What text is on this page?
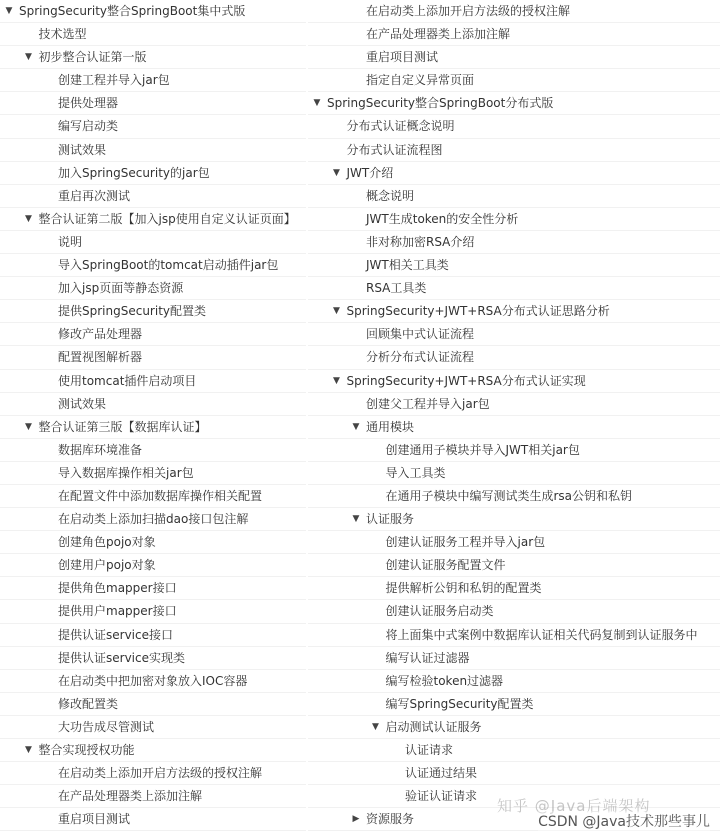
▼ SpringSecurity整合SpringBoot集中式版
技术选型
▼ 初步整合认证第一版
创建工程并导入jar包
提供处理器
编写启动类
测试效果
加入SpringSecurity的jar包
重启再次测试
▼ 整合认证第二版【加入jsp使用自定义认证页面】
说明
导入SpringBoot的tomcat启动插件jar包
加入jsp页面等静态资源
提供SpringSecurity配置类
修改产品处理器
配置视图解析器
使用tomcat插件启动项目
测试效果
▼ 整合认证第三版【数据库认证】
数据库环境准备
导入数据库操作相关jar包
在配置文件中添加数据库操作相关配置
在启动类上添加扫描dao接口包注解
创建角色pojo对象
创建用户pojo对象
提供角色mapper接口
提供用户mapper接口
提供认证service接口
提供认证service实现类
在启动类中把加密对象放入IOC容器
修改配置类
大功告成尽管测试
▼ 整合实现授权功能
在启动类上添加开启方法级的授权注解
在产品处理器类上添加注解
重启项目测试
在启动类上添加开启方法级的授权注解
在产品处理器类上添加注解
重启项目测试
指定自定义异常页面
▼ SpringSecurity整合SpringBoot分布式版
分布式认证概念说明
分布式认证流程图
▼ JWT介绍
概念说明
JWT生成token的安全性分析
非对称加密RSA介绍
JWT相关工具类
RSA工具类
▼ SpringSecurity+JWT+RSA分布式认证思路分析
回顾集中式认证流程
分析分布式认证流程
▼ SpringSecurity+JWT+RSA分布式认证实现
创建父工程并导入jar包
▼ 通用模块
创建通用子模块并导入JWT相关jar包
导入工具类
在通用子模块中编写测试类生成rsa公钥和私钥
▼ 认证服务
创建认证服务工程并导入jar包
创建认证服务配置文件
提供解析公钥和私钥的配置类
创建认证服务启动类
将上面集中式案例中数据库认证相关代码复制到认证服务中
编写认证过滤器
编写检验token过滤器
编写SpringSecurity配置类
▼ 启动测试认证服务
认证请求
认证通过结果
验证认证请求
▶ 资源服务
知乎 @Java后端架构
CSDN @Java技术那些事儿
